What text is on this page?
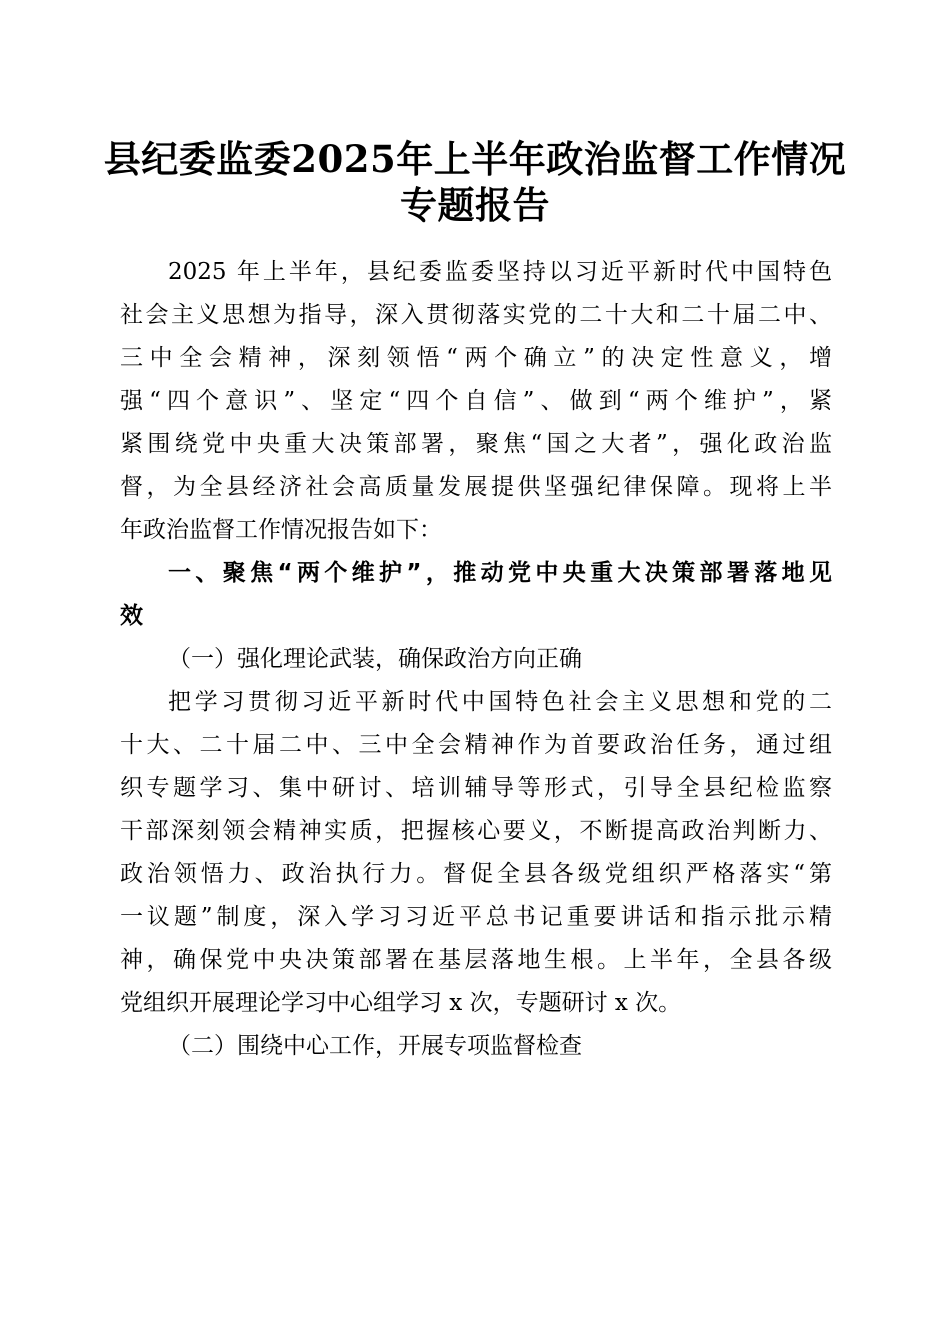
县纪委监委2025年上半年政治监督工作情况
专题报告
2025 年上半年，县纪委监委坚持以习近平新时代中国特色
社会主义思想为指导，深入贯彻落实党的二十大和二十届二中、
三中全会精神，深刻领悟“两个确立”的决定性意义，增
强“四个意识”、坚定“四个自信”、做到“两个维护”，紧
紧围绕党中央重大决策部署，聚焦“国之大者”，强化政治监
督，为全县经济社会高质量发展提供坚强纪律保障。现将上半
年政治监督工作情况报告如下：
一、聚焦“两个维护”，推动党中央重大决策部署落地见
效
（一）强化理论武装，确保政治方向正确
把学习贯彻习近平新时代中国特色社会主义思想和党的二
十大、二十届二中、三中全会精神作为首要政治任务，通过组
织专题学习、集中研讨、培训辅导等形式，引导全县纪检监察
干部深刻领会精神实质，把握核心要义，不断提高政治判断力、
政治领悟力、政治执行力。督促全县各级党组织严格落实“第
一议题”制度，深入学习习近平总书记重要讲话和指示批示精
神，确保党中央决策部署在基层落地生根。上半年，全县各级
党组织开展理论学习中心组学习 x 次，专题研讨 x 次。
（二）围绕中心工作，开展专项监督检查
